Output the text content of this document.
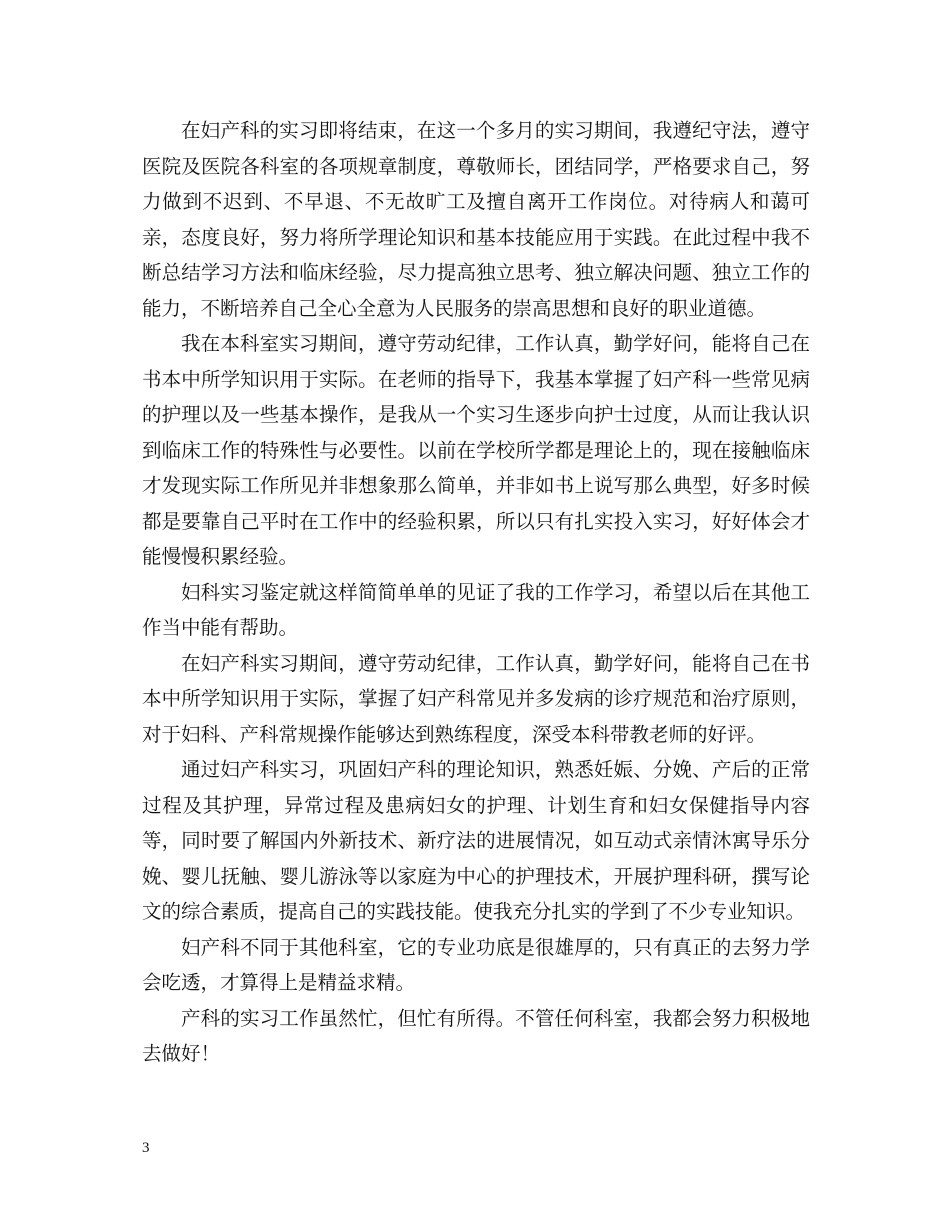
在妇产科的实习即将结束，在这一个多月的实习期间，我遵纪守法，遵守医院及医院各科室的各项规章制度，尊敬师长，团结同学，严格要求自己，努力做到不迟到、不早退、不无故旷工及擅自离开工作岗位。对待病人和蔼可亲，态度良好，努力将所学理论知识和基本技能应用于实践。在此过程中我不断总结学习方法和临床经验，尽力提高独立思考、独立解决问题、独立工作的能力，不断培养自己全心全意为人民服务的崇高思想和良好的职业道德。

我在本科室实习期间，遵守劳动纪律，工作认真，勤学好问，能将自己在书本中所学知识用于实际。在老师的指导下，我基本掌握了妇产科一些常见病的护理以及一些基本操作，是我从一个实习生逐步向护士过度，从而让我认识到临床工作的特殊性与必要性。以前在学校所学都是理论上的，现在接触临床才发现实际工作所见并非想象那么简单，并非如书上说写那么典型，好多时候都是要靠自己平时在工作中的经验积累，所以只有扎实投入实习，好好体会才能慢慢积累经验。

妇科实习鉴定就这样简简单单的见证了我的工作学习，希望以后在其他工作当中能有帮助。

在妇产科实习期间，遵守劳动纪律，工作认真，勤学好问，能将自己在书本中所学知识用于实际，掌握了妇产科常见并多发病的诊疗规范和治疗原则，对于妇科、产科常规操作能够达到熟练程度，深受本科带教老师的好评。

通过妇产科实习，巩固妇产科的理论知识，熟悉妊娠、分娩、产后的正常过程及其护理，异常过程及患病妇女的护理、计划生育和妇女保健指导内容等，同时要了解国内外新技术、新疗法的进展情况，如互动式亲情沐寓导乐分娩、婴儿抚触、婴儿游泳等以家庭为中心的护理技术，开展护理科研，撰写论文的综合素质，提高自己的实践技能。使我充分扎实的学到了不少专业知识。

妇产科不同于其他科室，它的专业功底是很雄厚的，只有真正的去努力学会吃透，才算得上是精益求精。

产科的实习工作虽然忙，但忙有所得。不管任何科室，我都会努力积极地去做好！

3
